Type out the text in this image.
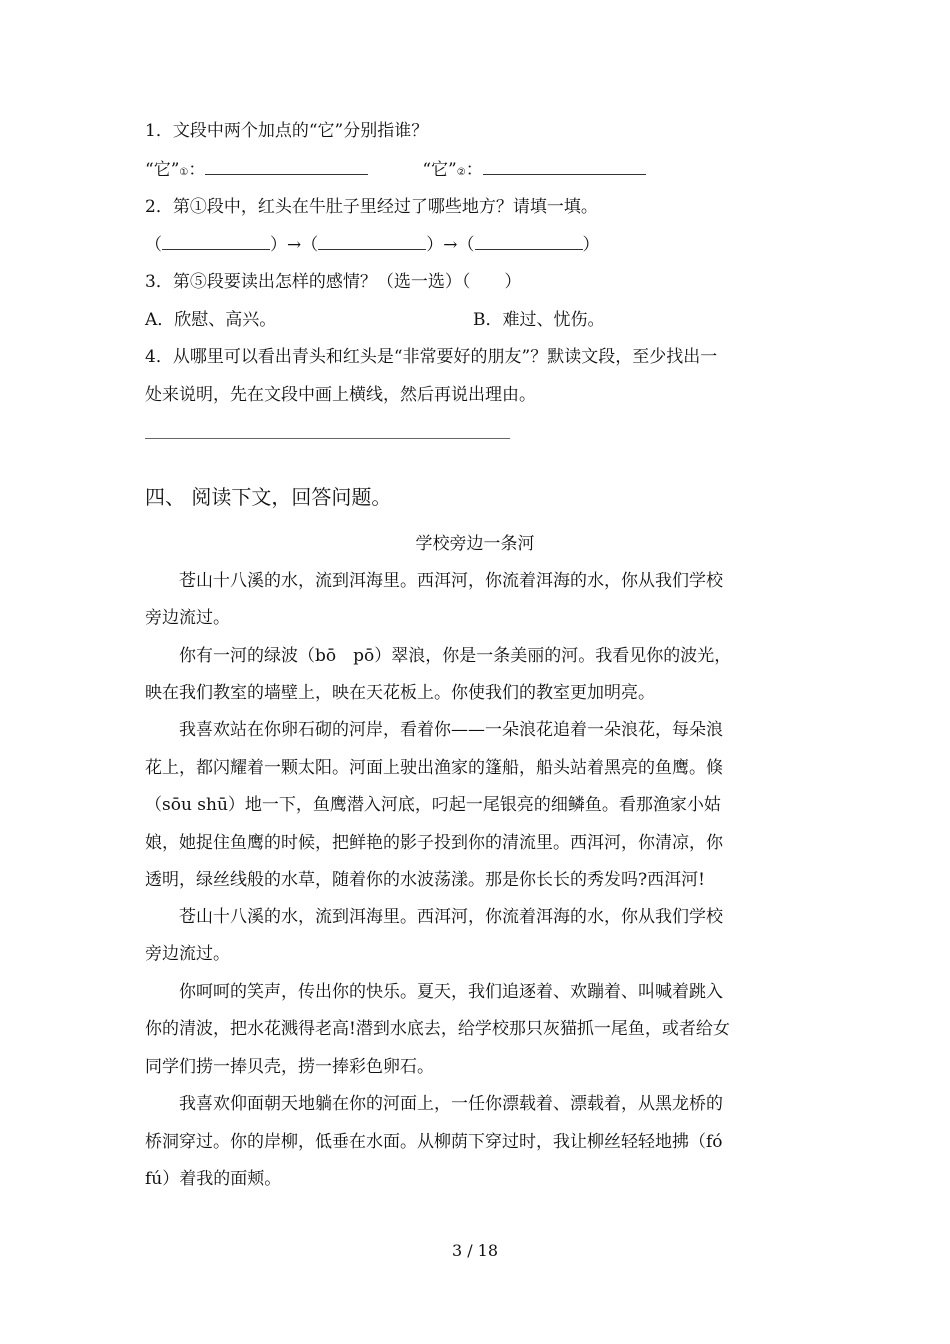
1．文段中两个加点的“它”分别指谁？
“它”①：	“它”②：
2．第①段中，红头在牛肚子里经过了哪些地方？请填一填。
（	）→（	）→（	）
3．第⑤段要读出怎样的感情？（选一选）（　　）
A．欣慰、高兴。	B．难过、忧伤。
4．从哪里可以看出青头和红头是“非常要好的朋友”？默读文段，至少找出一
处来说明，先在文段中画上横线，然后再说出理由。
四、 阅读下文，回答问题。
学校旁边一条河
　　苍山十八溪的水，流到洱海里。西洱河，你流着洱海的水，你从我们学校
旁边流过。
　　你有一河的绿波（bō　pō）翠浪，你是一条美丽的河。我看见你的波光，
映在我们教室的墙壁上，映在天花板上。你使我们的教室更加明亮。
　　我喜欢站在你卵石砌的河岸，看着你——一朵浪花追着一朵浪花，每朵浪
花上，都闪耀着一颗太阳。河面上驶出渔家的篷船，船头站着黑亮的鱼鹰。倏
（sōu shū）地一下，鱼鹰潜入河底，叼起一尾银亮的细鳞鱼。看那渔家小姑
娘，她捉住鱼鹰的时候，把鲜艳的影子投到你的清流里。西洱河，你清凉，你
透明，绿丝线般的水草，随着你的水波荡漾。那是你长长的秀发吗?西洱河!
　　苍山十八溪的水，流到洱海里。西洱河，你流着洱海的水，你从我们学校
旁边流过。
　　你呵呵的笑声，传出你的快乐。夏天，我们追逐着、欢蹦着、叫喊着跳入
你的清波，把水花溅得老高!潜到水底去，给学校那只灰猫抓一尾鱼，或者给女
同学们捞一捧贝壳，捞一捧彩色卵石。
　　我喜欢仰面朝天地躺在你的河面上，一任你漂载着、漂载着，从黑龙桥的
桥洞穿过。你的岸柳，低垂在水面。从柳荫下穿过时，我让柳丝轻轻地拂（fó
fú）着我的面颊。
3 / 18
